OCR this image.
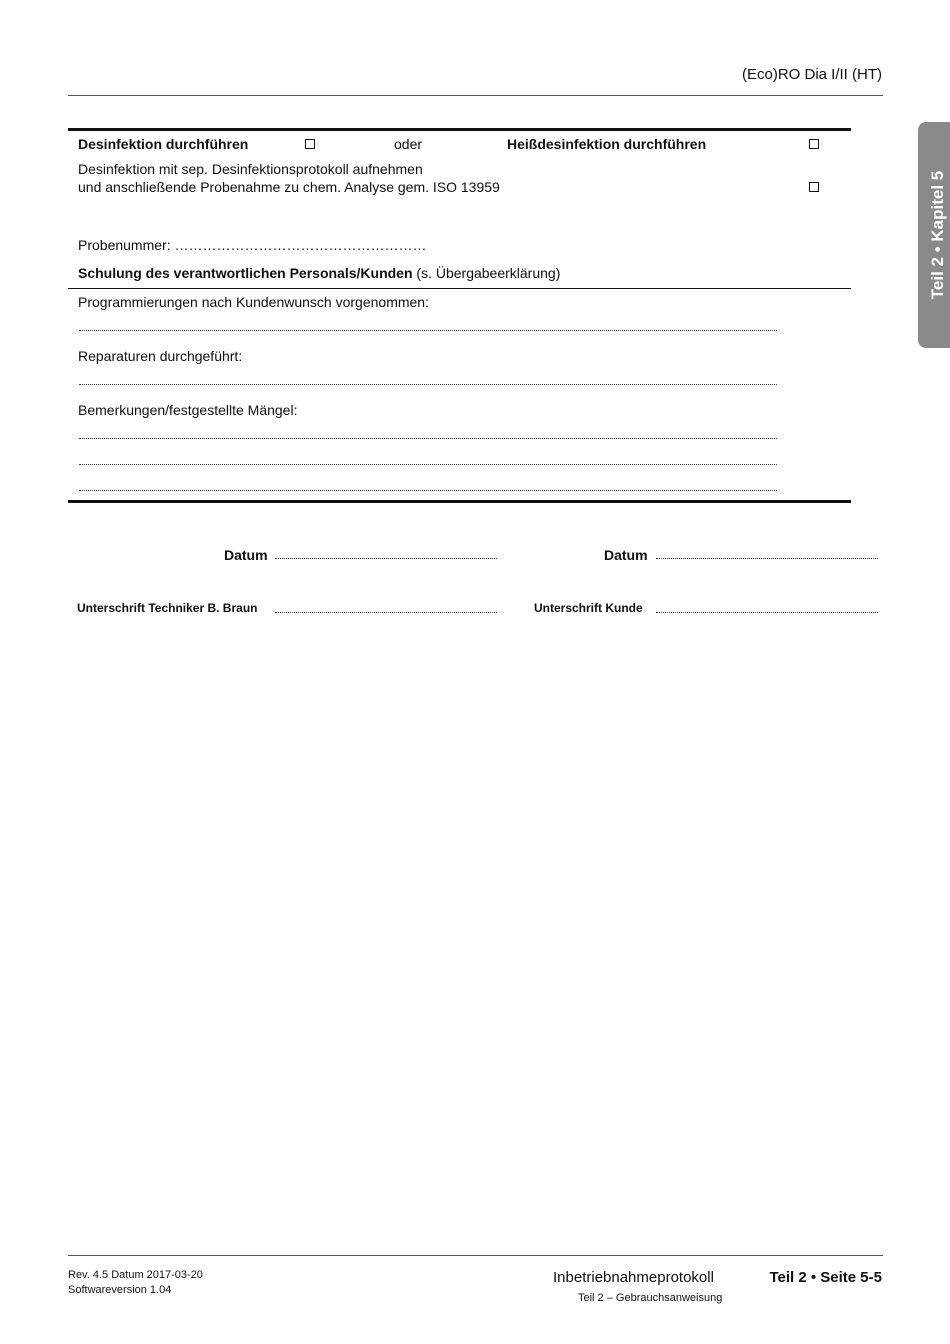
(Eco)RO Dia I/II (HT)
Teil 2 • Kapitel 5
Desinfektion durchführen	oder	Heißdesinfektion durchführen
Desinfektion mit sep. Desinfektionsprotokoll aufnehmen
und anschließende Probenahme zu chem. Analyse gem. ISO 13959
Probenummer: ………………………………………………
Schulung des verantwortlichen Personals/Kunden (s. Übergabeerklärung)
Programmierungen nach Kundenwunsch vorgenommen:
Reparaturen durchgeführt:
Bemerkungen/festgestellte Mängel:
Datum	Datum
Unterschrift Techniker B. Braun	Unterschrift Kunde
Rev. 4.5 Datum 2017-03-20
Softwareversion 1.04
Inbetriebnahmeprotokoll	Teil 2 • Seite 5-5
Teil 2 – Gebrauchsanweisung
